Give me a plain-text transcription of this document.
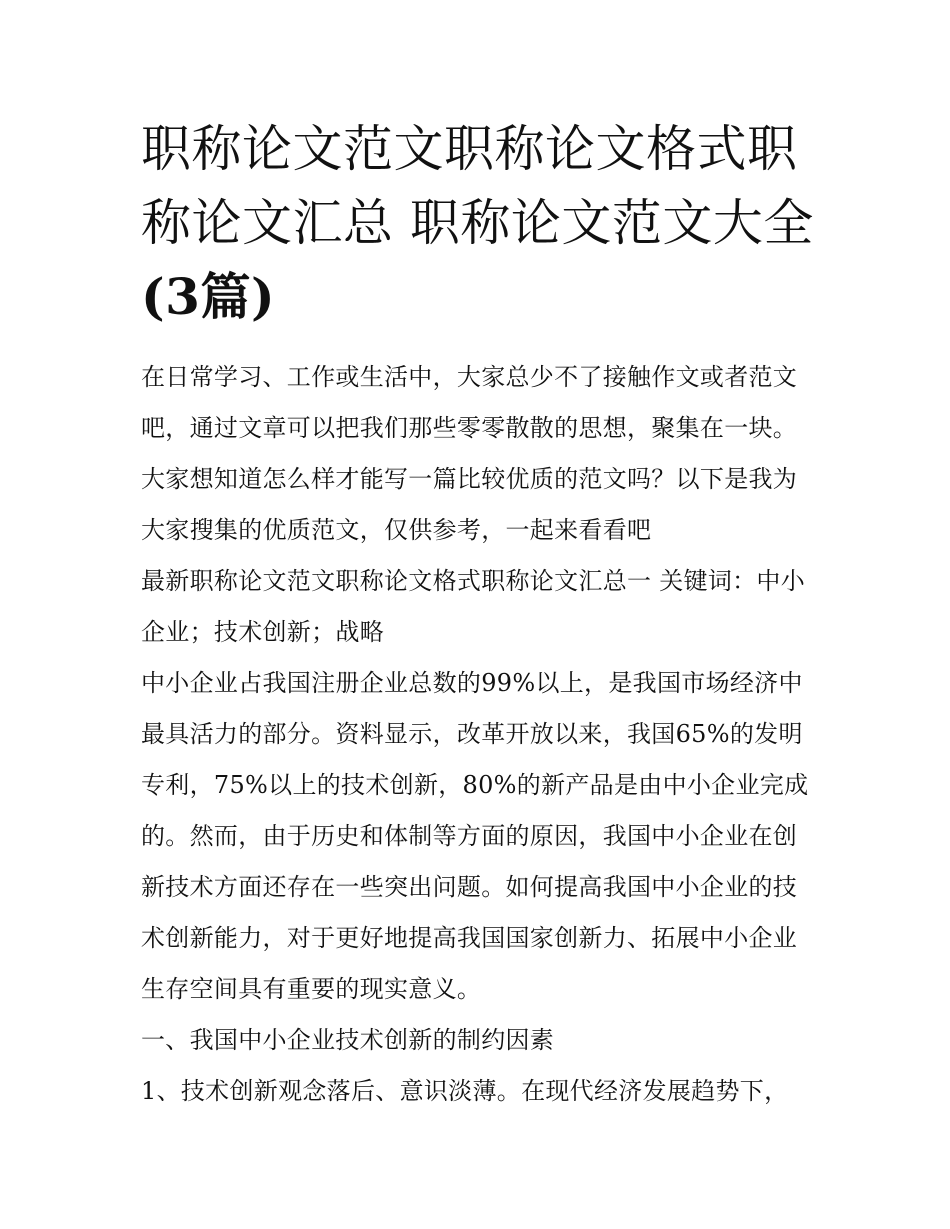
职称论文范文职称论文格式职称论文汇总 职称论文范文大全(3篇)

在日常学习、工作或生活中，大家总少不了接触作文或者范文吧，通过文章可以把我们那些零零散散的思想，聚集在一块。大家想知道怎么样才能写一篇比较优质的范文吗？以下是我为大家搜集的优质范文，仅供参考，一起来看看吧

最新职称论文范文职称论文格式职称论文汇总一 关键词：中小企业；技术创新；战略

中小企业占我国注册企业总数的99%以上，是我国市场经济中最具活力的部分。资料显示，改革开放以来，我国65%的发明专利，75%以上的技术创新，80%的新产品是由中小企业完成的。然而，由于历史和体制等方面的原因，我国中小企业在创新技术方面还存在一些突出问题。如何提高我国中小企业的技术创新能力，对于更好地提高我国国家创新力、拓展中小企业生存空间具有重要的现实意义。

一、我国中小企业技术创新的制约因素

1、技术创新观念落后、意识淡薄。在现代经济发展趋势下，
